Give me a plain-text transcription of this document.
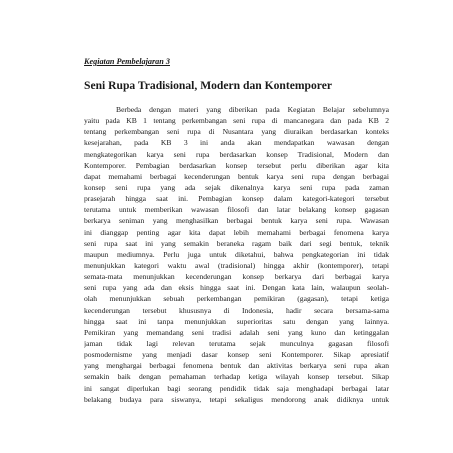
Kegiatan Pembelajaran 3
Seni Rupa Tradisional, Modern dan Kontemporer
Berbeda dengan materi yang diberikan pada Kegiatan Belajar sebelumnya
yaitu pada KB 1 tentang perkembangan seni rupa di mancanegara dan pada KB 2
tentang perkembangan seni rupa di Nusantara yang diuraikan berdasarkan konteks
kesejarahan, pada KB 3 ini anda akan mendapatkan wawasan dengan
mengkategorikan karya seni rupa berdasarkan konsep Tradisional, Modern dan
Kontemporer. Pembagian berdasarkan konsep tersebut perlu diberikan agar kita
dapat memahami berbagai kecenderungan bentuk karya seni rupa dengan berbagai
konsep seni rupa yang ada sejak dikenalnya karya seni rupa pada zaman
prasejarah hingga saat ini. Pembagian konsep dalam kategori-kategori tersebut
terutama untuk memberikan wawasan filosofi dan latar belakang konsep gagasan
berkarya seniman yang menghasilkan berbagai bentuk karya seni rupa. Wawasan
ini dianggap penting agar kita dapat lebih memahami berbagai fenomena karya
seni rupa saat ini yang semakin beraneka ragam baik dari segi bentuk, teknik
maupun mediumnya. Perlu juga untuk diketahui, bahwa pengkategorian ini tidak
menunjukkan kategori waktu awal (tradisional) hingga akhir (kontemporer), tetapi
semata-mata menunjukkan kecenderungan konsep berkarya dari berbagai karya
seni rupa yang ada dan eksis hingga saat ini. Dengan kata lain, walaupun seolah-
olah menunjukkan sebuah perkembangan pemikiran (gagasan), tetapi ketiga
kecenderungan tersebut khususnya di Indonesia, hadir secara bersama-sama
hingga saat ini tanpa menunjukkan superioritas satu dengan yang lainnya.
Pemikiran yang memandang seni tradisi adalah seni yang kuno dan ketinggalan
jaman tidak lagi relevan terutama sejak munculnya gagasan filosofi
posmodernisme yang menjadi dasar konsep seni Kontemporer. Sikap apresiatif
yang menghargai berbagai fenomena bentuk dan aktivitas berkarya seni rupa akan
semakin baik dengan pemahaman terhadap ketiga wilayah konsep tersebut. Sikap
ini sangat diperlukan bagi seorang pendidik tidak saja menghadapi berbagai latar
belakang budaya para siswanya, tetapi sekaligus mendorong anak didiknya untuk
